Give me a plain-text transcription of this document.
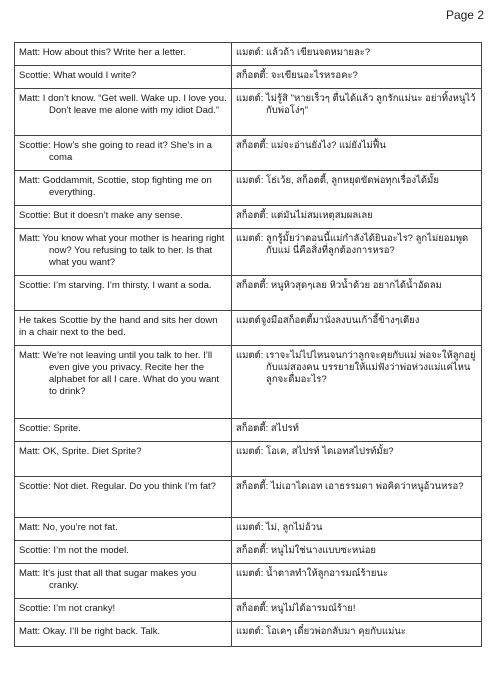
Page 2
Matt: How about this? Write her a letter.	แมตต์: แล้วถ้า เขียนจดหมายละ?

Scottie: What would I write?	สก็อตตี้: จะเขียนอะไรหรอคะ?

Matt: I don’t know. “Get well. Wake up. I love you. Don’t leave me alone with my idiot Dad.”	แมตต์: ไม่รู้สิ "หายเร็วๆ ตื่นได้แล้ว ลูกรักแม่นะ อย่าทิ้งหนูไว้กับพ่อโง่ๆ"

Scottie: How’s she going to read it? She’s in a coma	สก็อตตี้: แม่จะอ่านยังไง? แม่ยังไม่ฟื้น

Matt: Goddammit, Scottie, stop fighting me on everything.	แมตต์: โธ่เว้ย, สก็อตตี้, ลูกหยุดขัดพ่อทุกเรื่องได้มั้ย

Scottie: But it doesn’t make any sense.	สก็อตตี้: แต่มันไม่สมเหตุสมผลเลย

Matt: You know what your mother is hearing right now? You refusing to talk to her. Is that what you want?	แมตต์: ลูกรู้มั้ยว่าตอนนี้แม่กำลังได้ยินอะไร? ลูกไม่ยอมพูดกับแม่ นี่คือสิ่งที่ลูกต้องการหรอ?

Scottie: I’m starving. I’m thirsty. I want a soda.	สก็อตตี้: หนูหิวสุดๆเลย หิวน้ำด้วย อยากได้น้ำอัดลม

He takes Scottie by the hand and sits her down in a chair next to the bed.	แมตต์จูงมือสก็อตตี้มานั่งลงบนเก้าอี้ข้างๆเตียง

Matt: We’re not leaving until you talk to her. I’ll even give you privacy. Recite her the alphabet for all I care. What do you want to drink?	แมตต์: เราจะไม่ไปไหนจนกว่าลูกจะคุยกับแม่ พ่อจะให้ลูกอยู่กับแม่สองคน บรรยายให้แม่ฟังว่าพ่อห่วงแม่แค่ไหน ลูกจะดื่มอะไร?

Scottie: Sprite.	สก็อตตี้: สไปรท์

Matt: OK, Sprite. Diet Sprite?	แมตต์: โอเค, สไปรท์ ไดเอทสไปรท์มั้ย?

Scottie: Not diet. Regular. Do you think I’m fat?	สก็อตตี้: ไม่เอาไดเอท เอาธรรมดา พ่อคิดว่าหนูอ้วนหรอ?

Matt: No, you’re not fat.	แมตต์: ไม่, ลูกไม่อ้วน

Scottie: I’m not the model.	สก็อตตี้: หนูไม่ใช่นางแบบซะหน่อย

Matt: It’s just that all that sugar makes you cranky.	แมตต์: น้ำตาลทำให้ลูกอารมณ์ร้ายนะ

Scottie: I’m not cranky!	สก็อตตี้: หนูไม่ได้อารมณ์ร้าย!

Matt: Okay. I’ll be right back. Talk.	แมตต์: โอเคๆ เดี๋ยวพ่อกลับมา คุยกับแม่นะ
